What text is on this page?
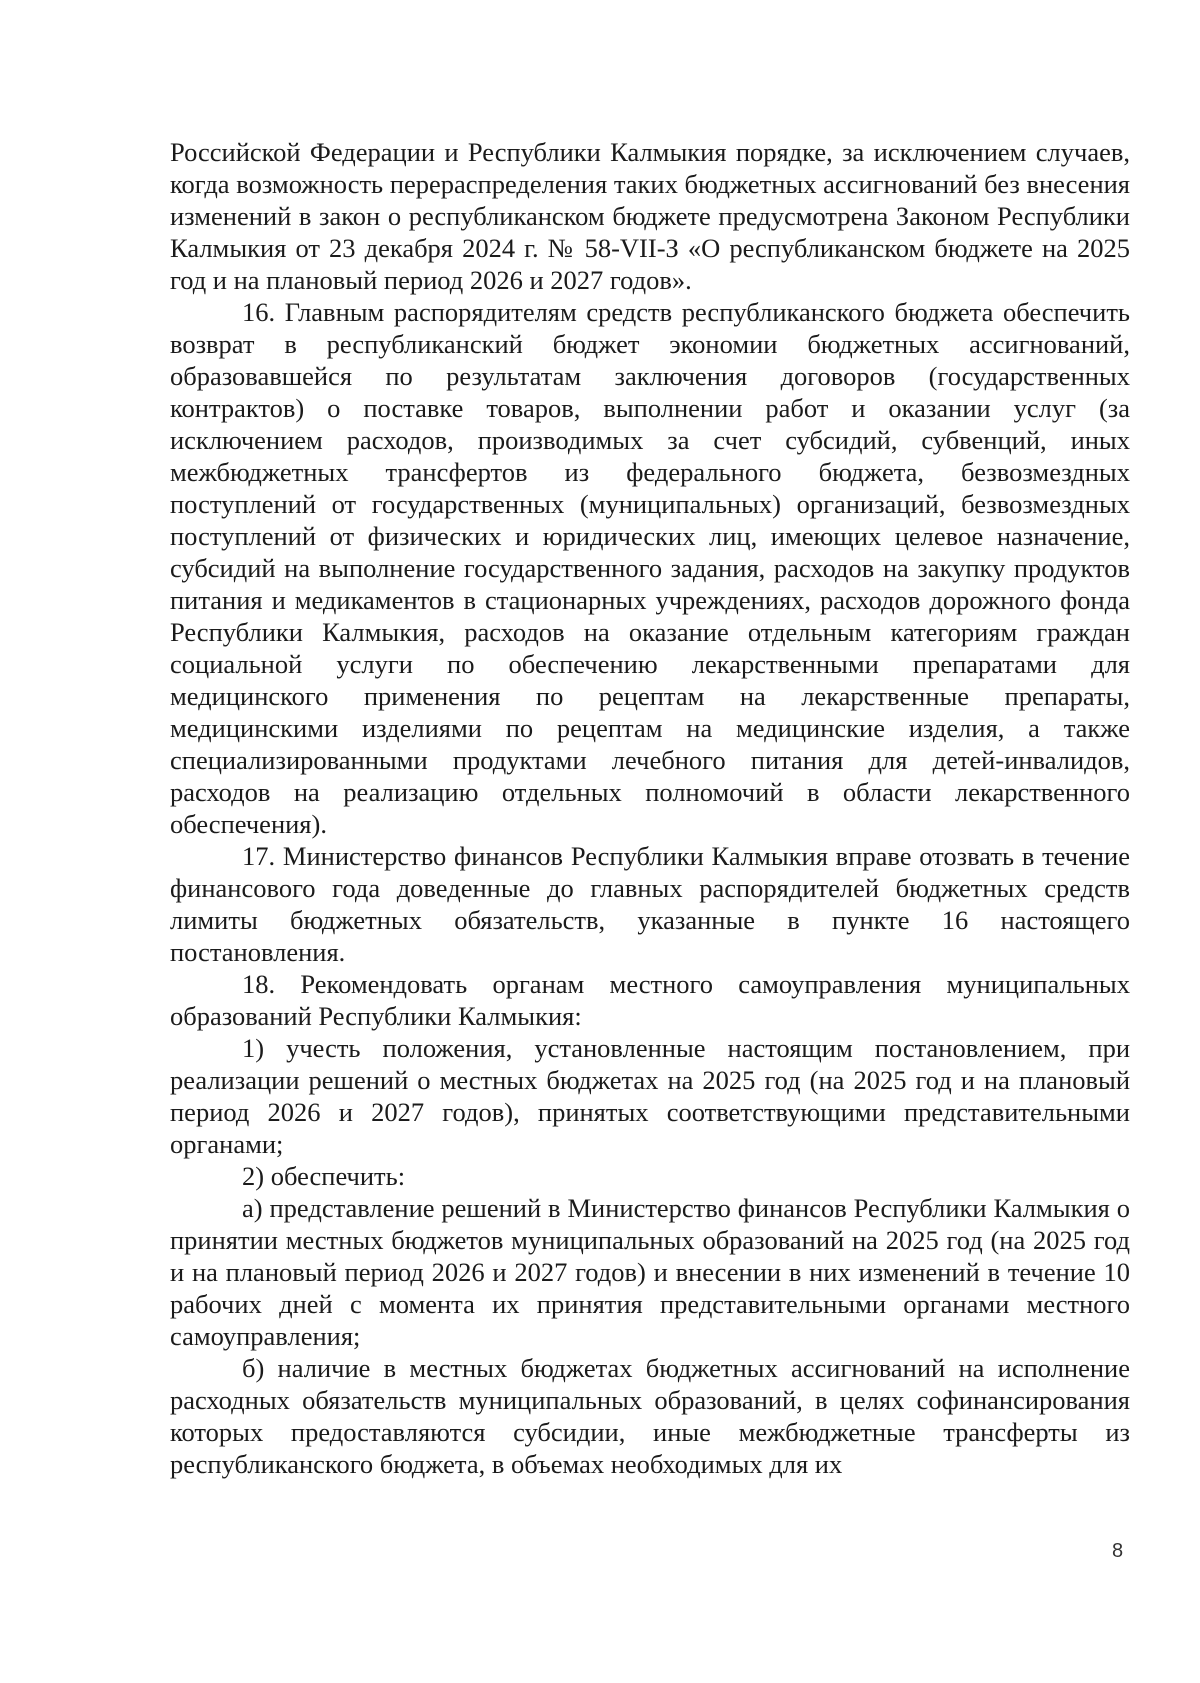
Российской Федерации и Республики Калмыкия порядке, за исключением случаев, когда возможность перераспределения таких бюджетных ассигнований без внесения изменений в закон о республиканском бюджете предусмотрена Законом Республики Калмыкия от 23 декабря 2024 г. № 58-VII-З «О республиканском бюджете на 2025 год и на плановый период 2026 и 2027 годов».

16. Главным распорядителям средств республиканского бюджета обеспечить возврат в республиканский бюджет экономии бюджетных ассигнований, образовавшейся по результатам заключения договоров (государственных контрактов) о поставке товаров, выполнении работ и оказании услуг (за исключением расходов, производимых за счет субсидий, субвенций, иных межбюджетных трансфертов из федерального бюджета, безвозмездных поступлений от государственных (муниципальных) организаций, безвозмездных поступлений от физических и юридических лиц, имеющих целевое назначение, субсидий на выполнение государственного задания, расходов на закупку продуктов питания и медикаментов в стационарных учреждениях, расходов дорожного фонда Республики Калмыкия, расходов на оказание отдельным категориям граждан социальной услуги по обеспечению лекарственными препаратами для медицинского применения по рецептам на лекарственные препараты, медицинскими изделиями по рецептам на медицинские изделия, а также специализированными продуктами лечебного питания для детей-инвалидов, расходов на реализацию отдельных полномочий в области лекарственного обеспечения).

17. Министерство финансов Республики Калмыкия вправе отозвать в течение финансового года доведенные до главных распорядителей бюджетных средств лимиты бюджетных обязательств, указанные в пункте 16 настоящего постановления.

18. Рекомендовать органам местного самоуправления муниципальных образований Республики Калмыкия:

1) учесть положения, установленные настоящим постановлением, при реализации решений о местных бюджетах на 2025 год (на 2025 год и на плановый период 2026 и 2027 годов), принятых соответствующими представительными органами;

2) обеспечить:

а) представление решений в Министерство финансов Республики Калмыкия о принятии местных бюджетов муниципальных образований на 2025 год (на 2025 год и на плановый период 2026 и 2027 годов) и внесении в них изменений в течение 10 рабочих дней с момента их принятия представительными органами местного самоуправления;

б) наличие в местных бюджетах бюджетных ассигнований на исполнение расходных обязательств муниципальных образований, в целях софинансирования которых предоставляются субсидии, иные межбюджетные трансферты из республиканского бюджета, в объемах необходимых для их

8
